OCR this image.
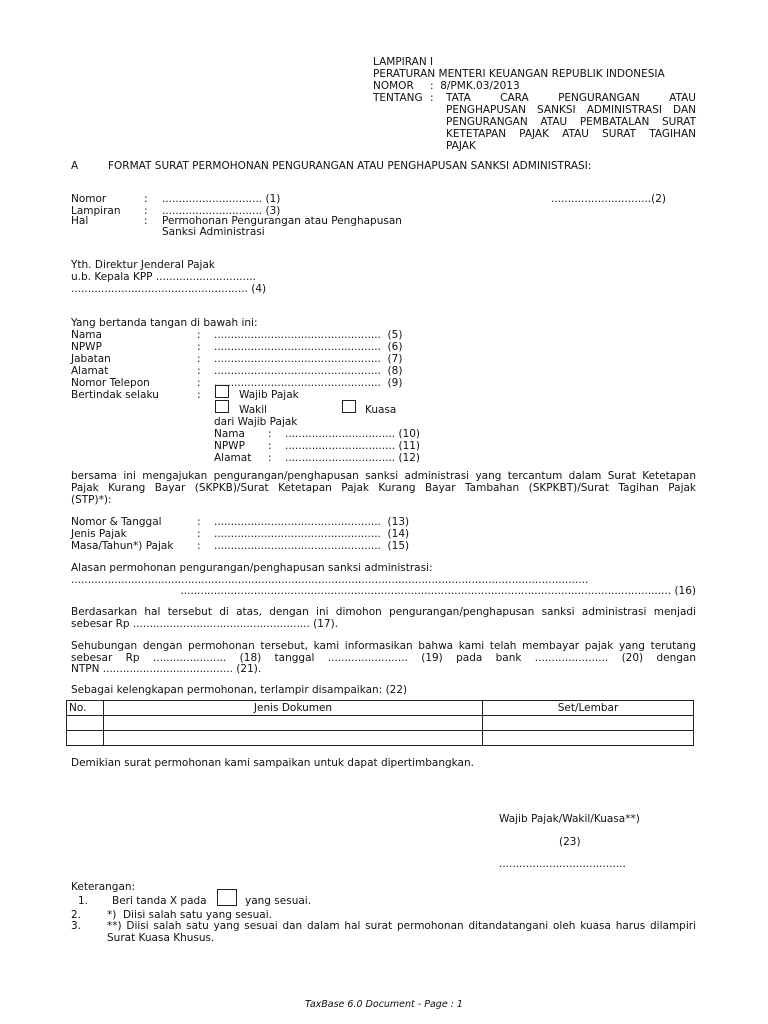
LAMPIRAN I
PERATURAN MENTERI KEUANGAN REPUBLIK INDONESIA
NOMOR :  8/PMK.03/2013
TENTANG : TATA CARA PENGURANGAN ATAU
PENGHAPUSAN SANKSI ADMINISTRASI DAN
PENGURANGAN ATAU PEMBATALAN SURAT
KETETAPAN PAJAK ATAU SURAT TAGIHAN
PAJAK
A	FORMAT SURAT PERMOHONAN PENGURANGAN ATAU PENGHAPUSAN SANKSI ADMINISTRASI:
Nomor	: .............................. (1)	..............................(2)
Lampiran : .............................. (3)
Hal	: Permohonan Pengurangan atau Penghapusan
Sanksi Administrasi
Yth. Direktur Jenderal Pajak
u.b. Kepala KPP ..............................
..................................................... (4)
Yang bertanda tangan di bawah ini:
Nama	: ..................................................  (5)
NPWP	: ..................................................  (6)
Jabatan	: ..................................................  (7)
Alamat	: ..................................................  (8)
Nomor Telepon	: ..................................................  (9)
Bertindak selaku	:	Wajib Pajak
Wakil	Kuasa
dari Wajib Pajak
Nama : ................................. (10)
NPWP : ................................. (11)
Alamat : ................................. (12)
bersama ini mengajukan pengurangan/penghapusan sanksi administrasi yang tercantum dalam Surat Ketetapan
Pajak Kurang Bayar (SKPKB)/Surat Ketetapan Pajak Kurang Bayar Tambahan (SKPKBT)/Surat Tagihan Pajak
(STP)*):
Nomor & Tanggal	: ..................................................  (13)
Jenis Pajak	: ..................................................  (14)
Masa/Tahun*) Pajak : ..................................................  (15)
Alasan permohonan pengurangan/penghapusan sanksi administrasi:
...........................................................................................................................................................
................................................................................................................................................... (16)
Berdasarkan hal tersebut di atas, dengan ini dimohon pengurangan/penghapusan sanksi administrasi menjadi
sebesar Rp ..................................................... (17).
Sehubungan dengan permohonan tersebut, kami informasikan bahwa kami telah membayar pajak yang terutang
sebesar Rp ...................... (18) tanggal ........................ (19) pada bank ...................... (20) dengan
NTPN ....................................... (21).
Sebagai kelengkapan permohonan, terlampir disampaikan: (22)
No.	Jenis Dokumen	Set/Lembar

Demikian surat permohonan kami sampaikan untuk dapat dipertimbangkan.
Wajib Pajak/Wakil/Kuasa**)
(23)
......................................
Keterangan:
1. Beri tanda X pada	yang sesuai.
2. *)  Diisi salah satu yang sesuai.
3. **) Diisi salah satu yang sesuai dan dalam hal surat permohonan ditandatangani oleh kuasa harus dilampiri
Surat Kuasa Khusus.
TaxBase 6.0 Document - Page : 1
